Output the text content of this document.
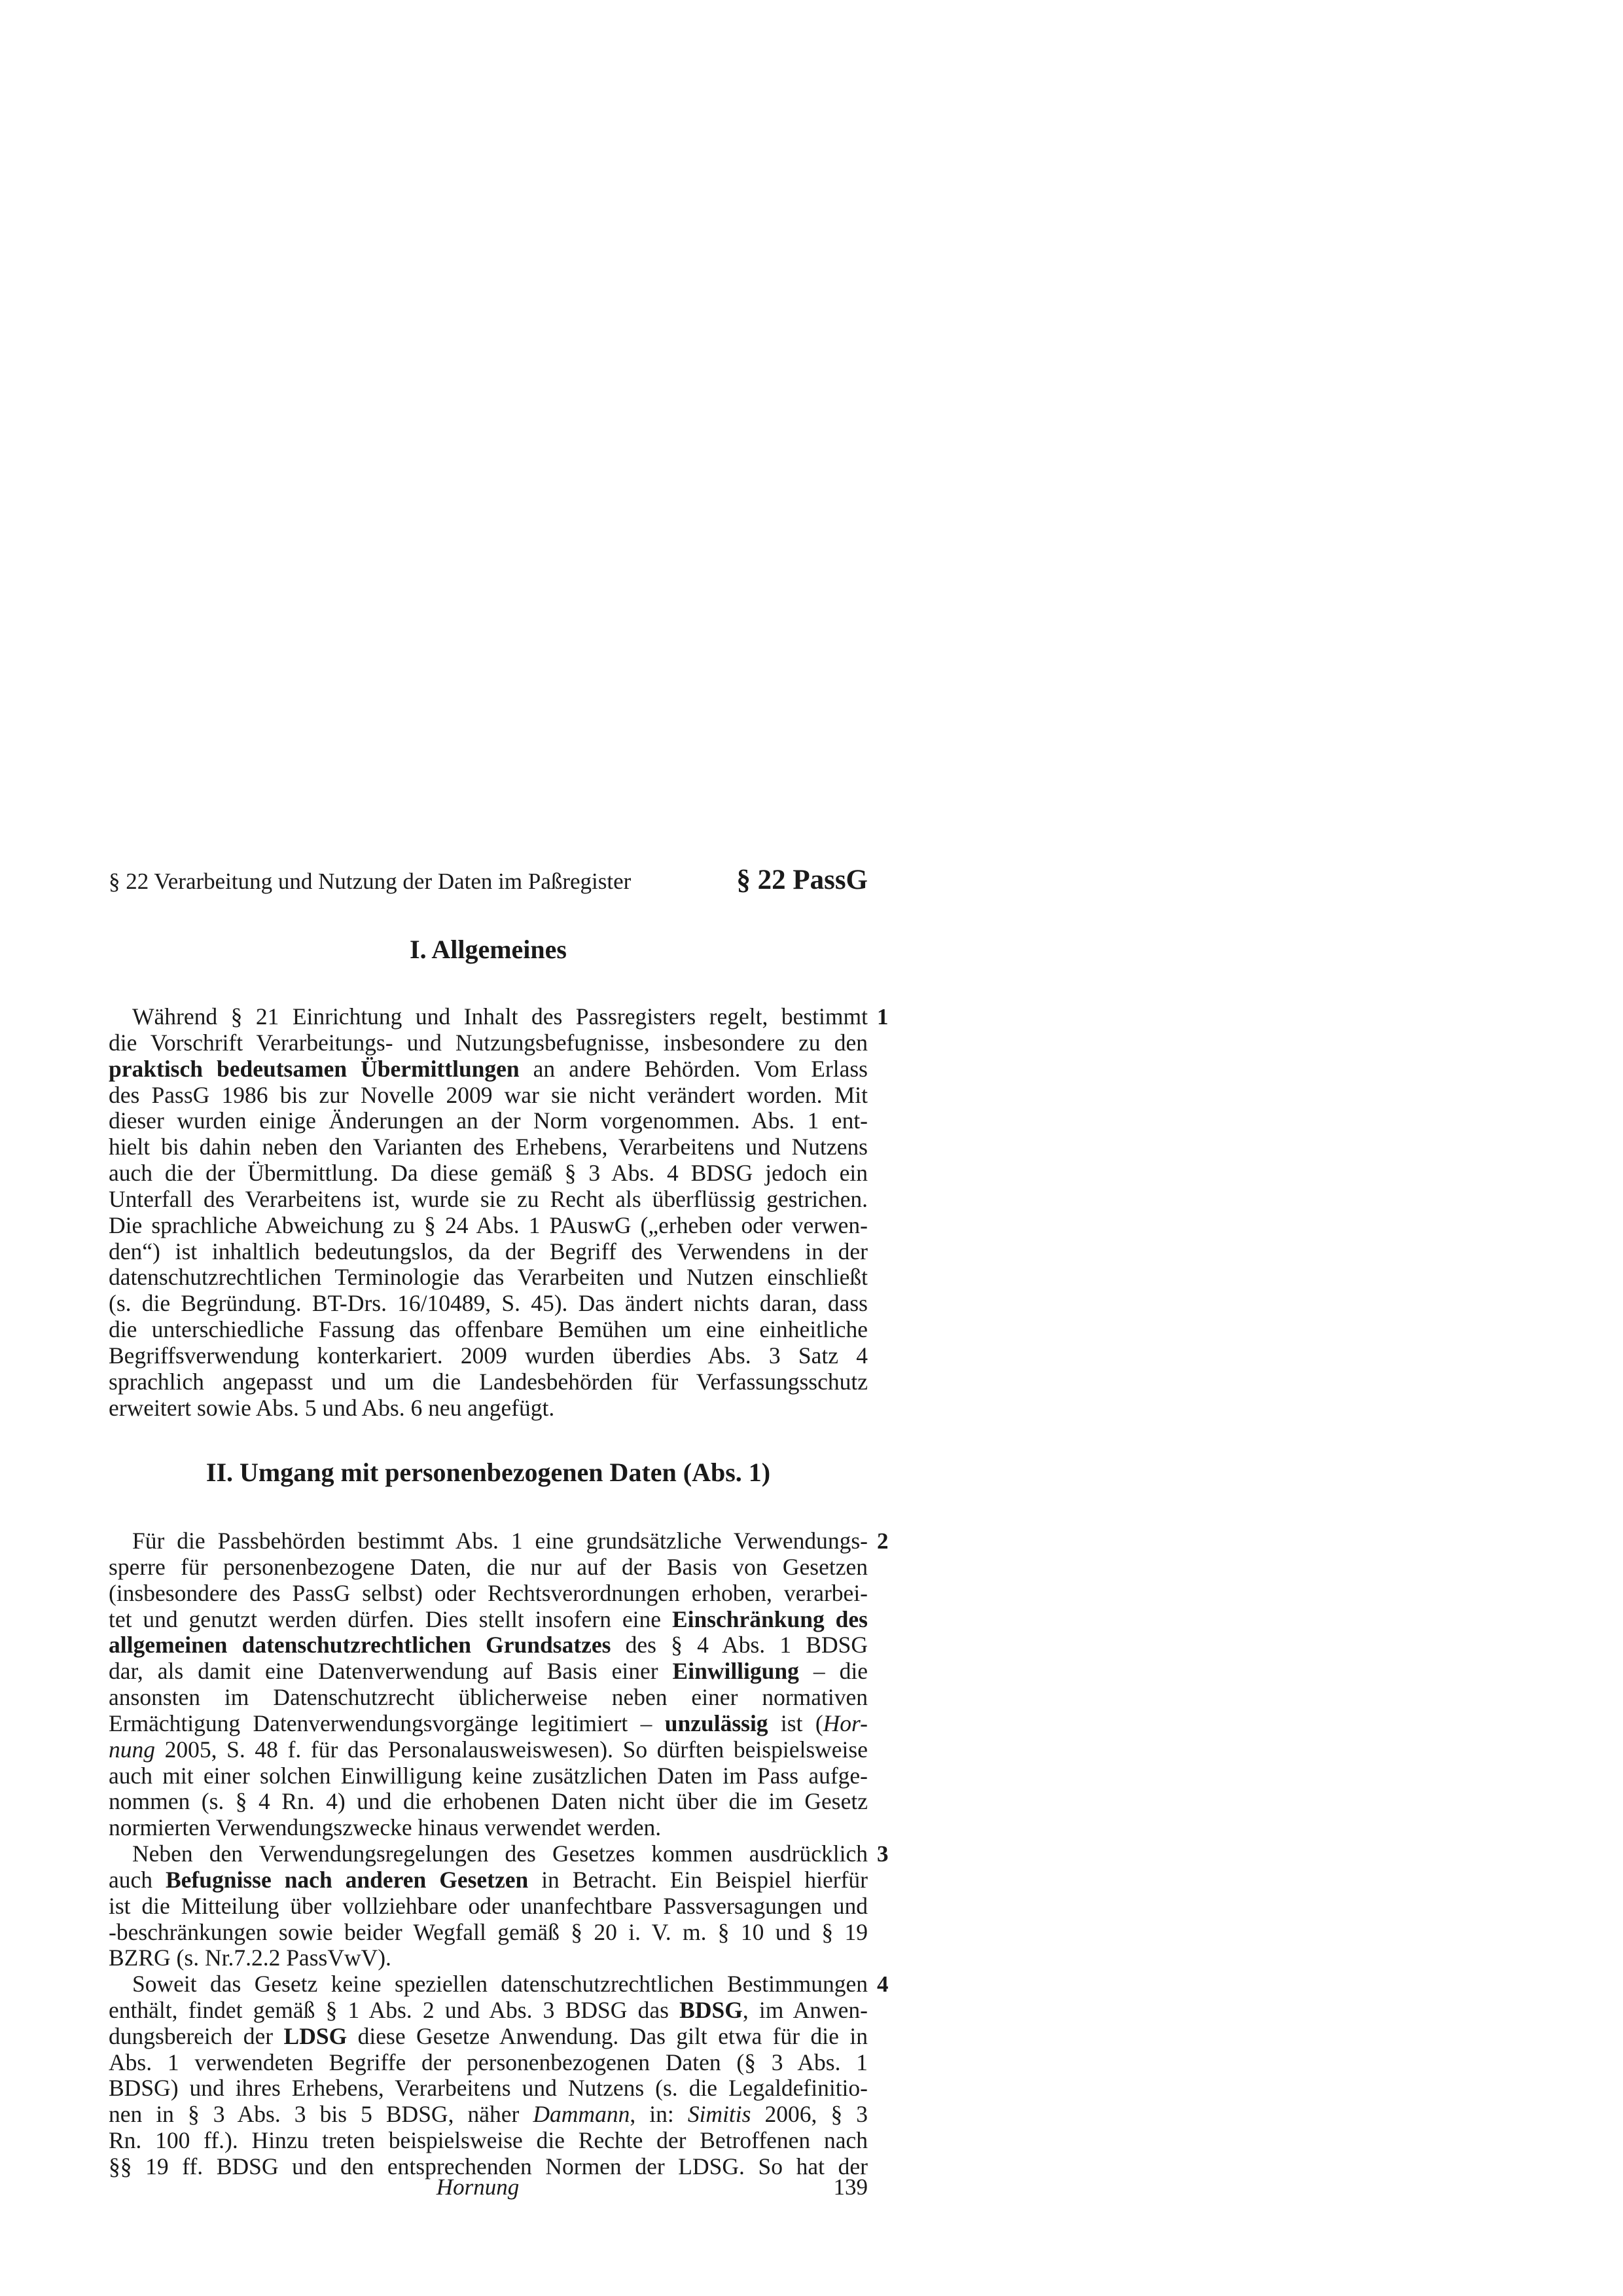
§ 22 Verarbeitung und Nutzung der Daten im Paßregister	§ 22 PassG
I. Allgemeines
Während § 21 Einrichtung und Inhalt des Passregisters regelt, bestimmt
die Vorschrift Verarbeitungs- und Nutzungsbefugnisse, insbesondere zu den
praktisch bedeutsamen Übermittlungen an andere Behörden. Vom Erlass
des PassG 1986 bis zur Novelle 2009 war sie nicht verändert worden. Mit
dieser wurden einige Änderungen an der Norm vorgenommen. Abs. 1 ent-
hielt bis dahin neben den Varianten des Erhebens, Verarbeitens und Nutzens
auch die der Übermittlung. Da diese gemäß § 3 Abs. 4 BDSG jedoch ein
Unterfall des Verarbeitens ist, wurde sie zu Recht als überflüssig gestrichen.
Die sprachliche Abweichung zu § 24 Abs. 1 PAuswG („erheben oder verwen-
den“) ist inhaltlich bedeutungslos, da der Begriff des Verwendens in der
datenschutzrechtlichen Terminologie das Verarbeiten und Nutzen einschließt
(s. die Begründung. BT-Drs. 16/10489, S. 45). Das ändert nichts daran, dass
die unterschiedliche Fassung das offenbare Bemühen um eine einheitliche
Begriffsverwendung konterkariert. 2009 wurden überdies Abs. 3 Satz 4
sprachlich angepasst und um die Landesbehörden für Verfassungsschutz
erweitert sowie Abs. 5 und Abs. 6 neu angefügt.
1
II. Umgang mit personenbezogenen Daten (Abs. 1)
Für die Passbehörden bestimmt Abs. 1 eine grundsätzliche Verwendungs-
sperre für personenbezogene Daten, die nur auf der Basis von Gesetzen
(insbesondere des PassG selbst) oder Rechtsverordnungen erhoben, verarbei-
tet und genutzt werden dürfen. Dies stellt insofern eine Einschränkung des
allgemeinen datenschutzrechtlichen Grundsatzes des § 4 Abs. 1 BDSG
dar, als damit eine Datenverwendung auf Basis einer Einwilligung – die
ansonsten im Datenschutzrecht üblicherweise neben einer normativen
Ermächtigung Datenverwendungsvorgänge legitimiert – unzulässig ist (Hor-
nung 2005, S. 48 f. für das Personalausweiswesen). So dürften beispielsweise
auch mit einer solchen Einwilligung keine zusätzlichen Daten im Pass aufge-
nommen (s. § 4 Rn. 4) und die erhobenen Daten nicht über die im Gesetz
normierten Verwendungszwecke hinaus verwendet werden.
2
Neben den Verwendungsregelungen des Gesetzes kommen ausdrücklich
auch Befugnisse nach anderen Gesetzen in Betracht. Ein Beispiel hierfür
ist die Mitteilung über vollziehbare oder unanfechtbare Passversagungen und
-beschränkungen sowie beider Wegfall gemäß § 20 i. V. m. § 10 und § 19
BZRG (s. Nr.7.2.2 PassVwV).
3
Soweit das Gesetz keine speziellen datenschutzrechtlichen Bestimmungen
enthält, findet gemäß § 1 Abs. 2 und Abs. 3 BDSG das BDSG, im Anwen-
dungsbereich der LDSG diese Gesetze Anwendung. Das gilt etwa für die in
Abs. 1 verwendeten Begriffe der personenbezogenen Daten (§ 3 Abs. 1
BDSG) und ihres Erhebens, Verarbeitens und Nutzens (s. die Legaldefinitio-
nen in § 3 Abs. 3 bis 5 BDSG, näher Dammann, in: Simitis 2006, § 3
Rn. 100 ff.). Hinzu treten beispielsweise die Rechte der Betroffenen nach
§§ 19 ff. BDSG und den entsprechenden Normen der LDSG. So hat der
4
Hornung	139
